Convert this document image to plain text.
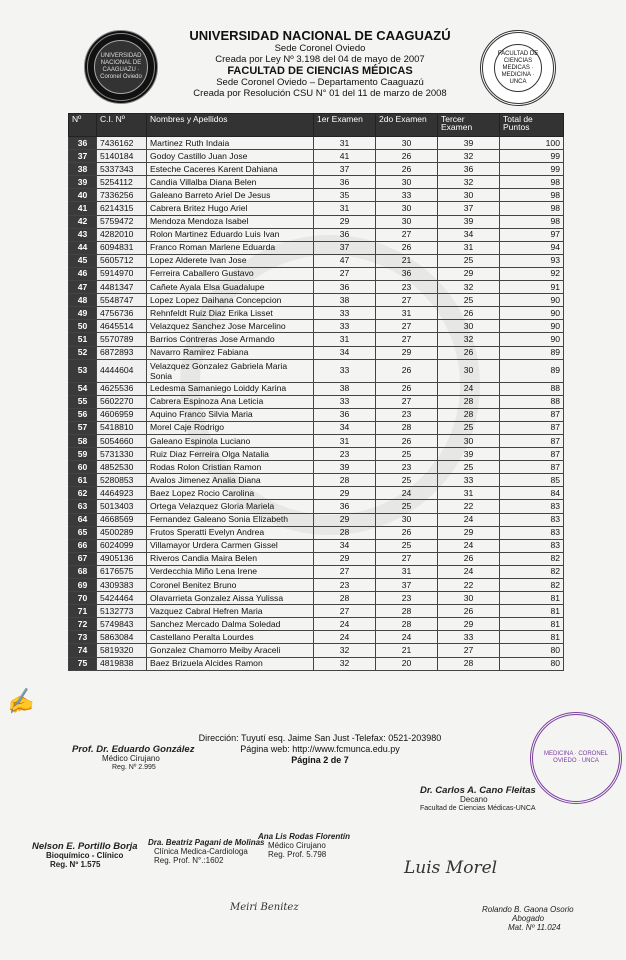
UNIVERSIDAD NACIONAL DE CAAGUAZU · Coronel Oviedo
UNIVERSIDAD NACIONAL DE CAAGUAZÚ
Sede Coronel Oviedo
Creada por Ley Nº 3.198 del 04 de mayo de 2007
FACULTAD DE CIENCIAS MÉDICAS
Sede Coronel Oviedo – Departamento Caaguazú
Creada por Resolución CSU N° 01 del 11 de marzo de 2008
FACULTAD DE CIENCIAS MEDICAS · MEDICINA · UNCA
Nº	C.I. Nº	Nombres y Apellidos	1er Examen	2do Examen	Tercer Examen	Total de Puntos
36	7436162	Martinez Ruth Indaia	31	30	39	100
37	5140184	Godoy Castillo Juan Jose	41	26	32	99
38	5337343	Esteche Caceres Karent Dahiana	37	26	36	99
39	5254112	Candia Villalba Diana Belen	36	30	32	98
40	7336256	Galeano Barreto Ariel De Jesus	35	33	30	98
41	6214315	Cabrera Britez Hugo Ariel	31	30	37	98
42	5759472	Mendoza Mendoza Isabel	29	30	39	98
43	4282010	Rolon Martinez Eduardo Luis Ivan	36	27	34	97
44	6094831	Franco Roman Marlene Eduarda	37	26	31	94
45	5605712	Lopez Alderete Ivan Jose	47	21	25	93
46	5914970	Ferreira Caballero Gustavo	27	36	29	92
47	4481347	Cañete Ayala Elsa Guadalupe	36	23	32	91
48	5548747	Lopez Lopez Daihana Concepcion	38	27	25	90
49	4756736	Rehnfeldt Ruiz Diaz Erika Lisset	33	31	26	90
50	4645514	Velazquez Sanchez Jose Marcelino	33	27	30	90
51	5570789	Barrios Contreras Jose Armando	31	27	32	90
52	6872893	Navarro Ramirez Fabiana	34	29	26	89
53	4444604	Velazquez Gonzalez Gabriela Maria Sonia	33	26	30	89
54	4625536	Ledesma Samaniego Loiddy Karina	38	26	24	88
55	5602270	Cabrera Espinoza Ana Leticia	33	27	28	88
56	4606959	Aquino Franco Silvia Maria	36	23	28	87
57	5418810	Morel Caje Rodrigo	34	28	25	87
58	5054660	Galeano Espinola Luciano	31	26	30	87
59	5731330	Ruiz Diaz Ferreira Olga Natalia	23	25	39	87
60	4852530	Rodas Rolon Cristian Ramon	39	23	25	87
61	5280853	Avalos Jimenez Analia Diana	28	25	33	85
62	4464923	Baez Lopez Rocio Carolina	29	24	31	84
63	5013403	Ortega Velazquez Gloria Mariela	36	25	22	83
64	4668569	Fernandez Galeano Sonia Elizabeth	29	30	24	83
65	4500289	Frutos Speratti Evelyn Andrea	28	26	29	83
66	6024099	Villamayor Urdera Carmen Gissel	34	25	24	83
67	4905136	Riveros Candia Maira Belen	29	27	26	82
68	6176575	Verdecchia Miño Lena Irene	27	31	24	82
69	4309383	Coronel Benitez Bruno	23	37	22	82
70	5424464	Olavarrieta Gonzalez Aissa Yulissa	28	23	30	81
71	5132773	Vazquez Cabral Hefren Maria	27	28	26	81
72	5749843	Sanchez Mercado Dalma Soledad	24	28	29	81
73	5863084	Castellano Peralta Lourdes	24	24	33	81
74	5819320	Gonzalez Chamorro Meiby Araceli	32	21	27	80
75	4819838	Baez Brizuela Alcides Ramon	32	20	28	80
Dirección: Tuyutí esq. Jaime San Just -Telefax: 0521-203980
Página web: http://www.fcmunca.edu.py
Página 2 de 7
✍
Prof. Dr. Eduardo González
Médico Cirujano
Reg. Nº 2.995
MEDICINA · CORONEL OVIEDO · UNCA
Dr. Carlos A. Cano Fleitas
Decano
Facultad de Ciencias Médicas-UNCA
Nelson E. Portillo Borja
Bioquímico - Clínico
Reg. Nº 1.575
Dra. Beatriz Pagani de Molinas
Clínica Medica-Cardiologa
Reg. Prof. N°.:1602
Ana Lis Rodas Florentín
Médico Cirujano
Reg. Prof. 5.798
Luis Morel
Meiri Benitez	Rolando B. Gaona Osorio
Abogado
Mat. Nº 11.024
